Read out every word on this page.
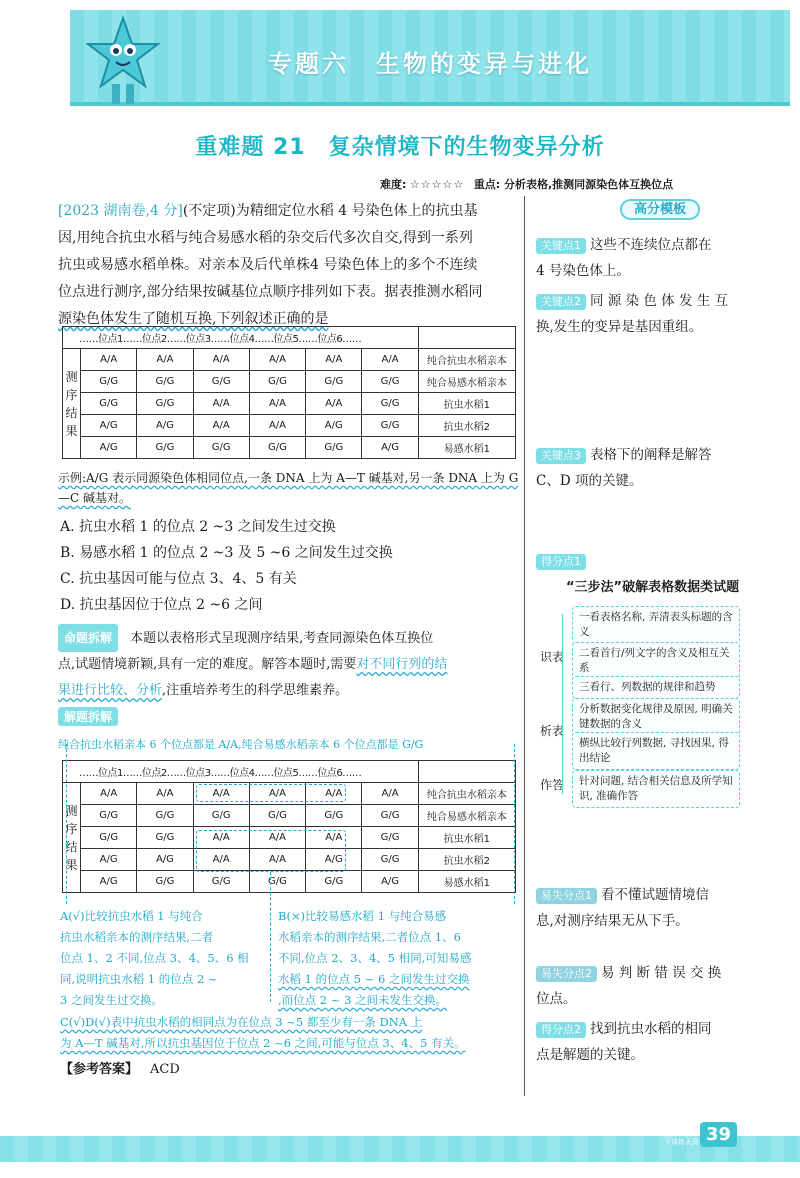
专题六　生物的变异与进化
重难题 21　复杂情境下的生物变异分析
难度: ☆☆☆☆☆ 重点: 分析表格,推测同源染色体互换位点
[2023 湖南卷,4 分](不定项)为精细定位水稻 4 号染色体上的抗虫基
因,用纯合抗虫水稻与纯合易感水稻的杂交后代多次自交,得到一系列
抗虫或易感水稻单株。对亲本及后代单株4 号染色体上的多个不连续
位点进行测序,部分结果按碱基位点顺序排列如下表。据表推测水稻同
源染色体发生了随机互换,下列叙述正确的是
……位点1……位点2……位点3……位点4……位点5……位点6……							
测
序
结
果	A/A	A/A	A/A	A/A	A/A	A/A	纯合抗虫水稻亲本
	G/G	G/G	G/G	G/G	G/G	G/G	纯合易感水稻亲本
	G/G	G/G	A/A	A/A	A/A	G/G	抗虫水稻1
	A/G	A/G	A/A	A/A	A/G	G/G	抗虫水稻2
	A/G	G/G	G/G	G/G	G/G	A/G	易感水稻1
示例:A/G 表示同源染色体相同位点,一条 DNA 上为 A—T 碱基对,另一条 DNA 上为 G—C 碱基对。
A. 抗虫水稻 1 的位点 2 ~3 之间发生过交换
B. 易感水稻 1 的位点 2 ~3 及 5 ~6 之间发生过交换
C. 抗虫基因可能与位点 3、4、5 有关
D. 抗虫基因位于位点 2 ~6 之间
命题拆解 本题以表格形式呈现测序结果,考查同源染色体互换位
点,试题情境新颖,具有一定的难度。解答本题时,需要对不同行列的结
果进行比较、分析,注重培养考生的科学思维素养。
解题拆解
纯合抗虫水稻亲本 6 个位点都是 A/A,纯合易感水稻亲本 6 个位点都是 G/G
……位点1……位点2……位点3……位点4……位点5……位点6……							
测
序
结
果	A/A	A/A	A/A	A/A	A/A	A/A	纯合抗虫水稻亲本
	G/G	G/G	G/G	G/G	G/G	G/G	纯合易感水稻亲本
	G/G	G/G	A/A	A/A	A/A	G/G	抗虫水稻1
	A/G	A/G	A/A	A/A	A/G	G/G	抗虫水稻2
	A/G	G/G	G/G	G/G	G/G	A/G	易感水稻1
A(√)比较抗虫水稻 1 与纯合
抗虫水稻亲本的测序结果,二者
位点 1、2 不同,位点 3、4、5、6 相
同,说明抗虫水稻 1 的位点 2 ~
3 之间发生过交换。
B(×)比较易感水稻 1 与纯合易感
水稻亲本的测序结果,二者位点 1、6
不同,位点 2、3、4、5 相同,可知易感
水稻 1 的位点 5 ~ 6 之间发生过交换
,而位点 2 ~ 3 之间未发生交换。
C(√)D(√)表中抗虫水稻的相同点为在位点 3 ~5 都至少有一条 DNA 上
为 A—T 碱基对,所以抗虫基因位于位点 2 ~6 之间,可能与位点 3、4、5 有关。
【参考答案】 ACD
高分模板
关键点1 这些不连续位点都在
4 号染色体上。
关键点2 同 源 染 色 体 发 生 互
换,发生的变异是基因重组。
关键点3 表格下的阐释是解答
C、D 项的关键。
得分点1
“三步法”破解表格数据类试题
识表
一看表格名称, 弄清表头标题的含义
二看首行/列文字的含义及相互关系
三看行、列数据的规律和趋势
析表
分析数据变化规律及原因, 明确关键数据的含义
横纵比较行列数据, 寻找因果, 得出结论
作答	针对问题, 结合相关信息及所学知识, 准确作答
易失分点1 看不懂试题情境信
息,对测序结果无从下手。
易失分点2 易 判 断 错 误 交 换
位点。
得分点2 找到抗虫水稻的相同
点是解题的关键。
上课认真听
下课练天资 39
